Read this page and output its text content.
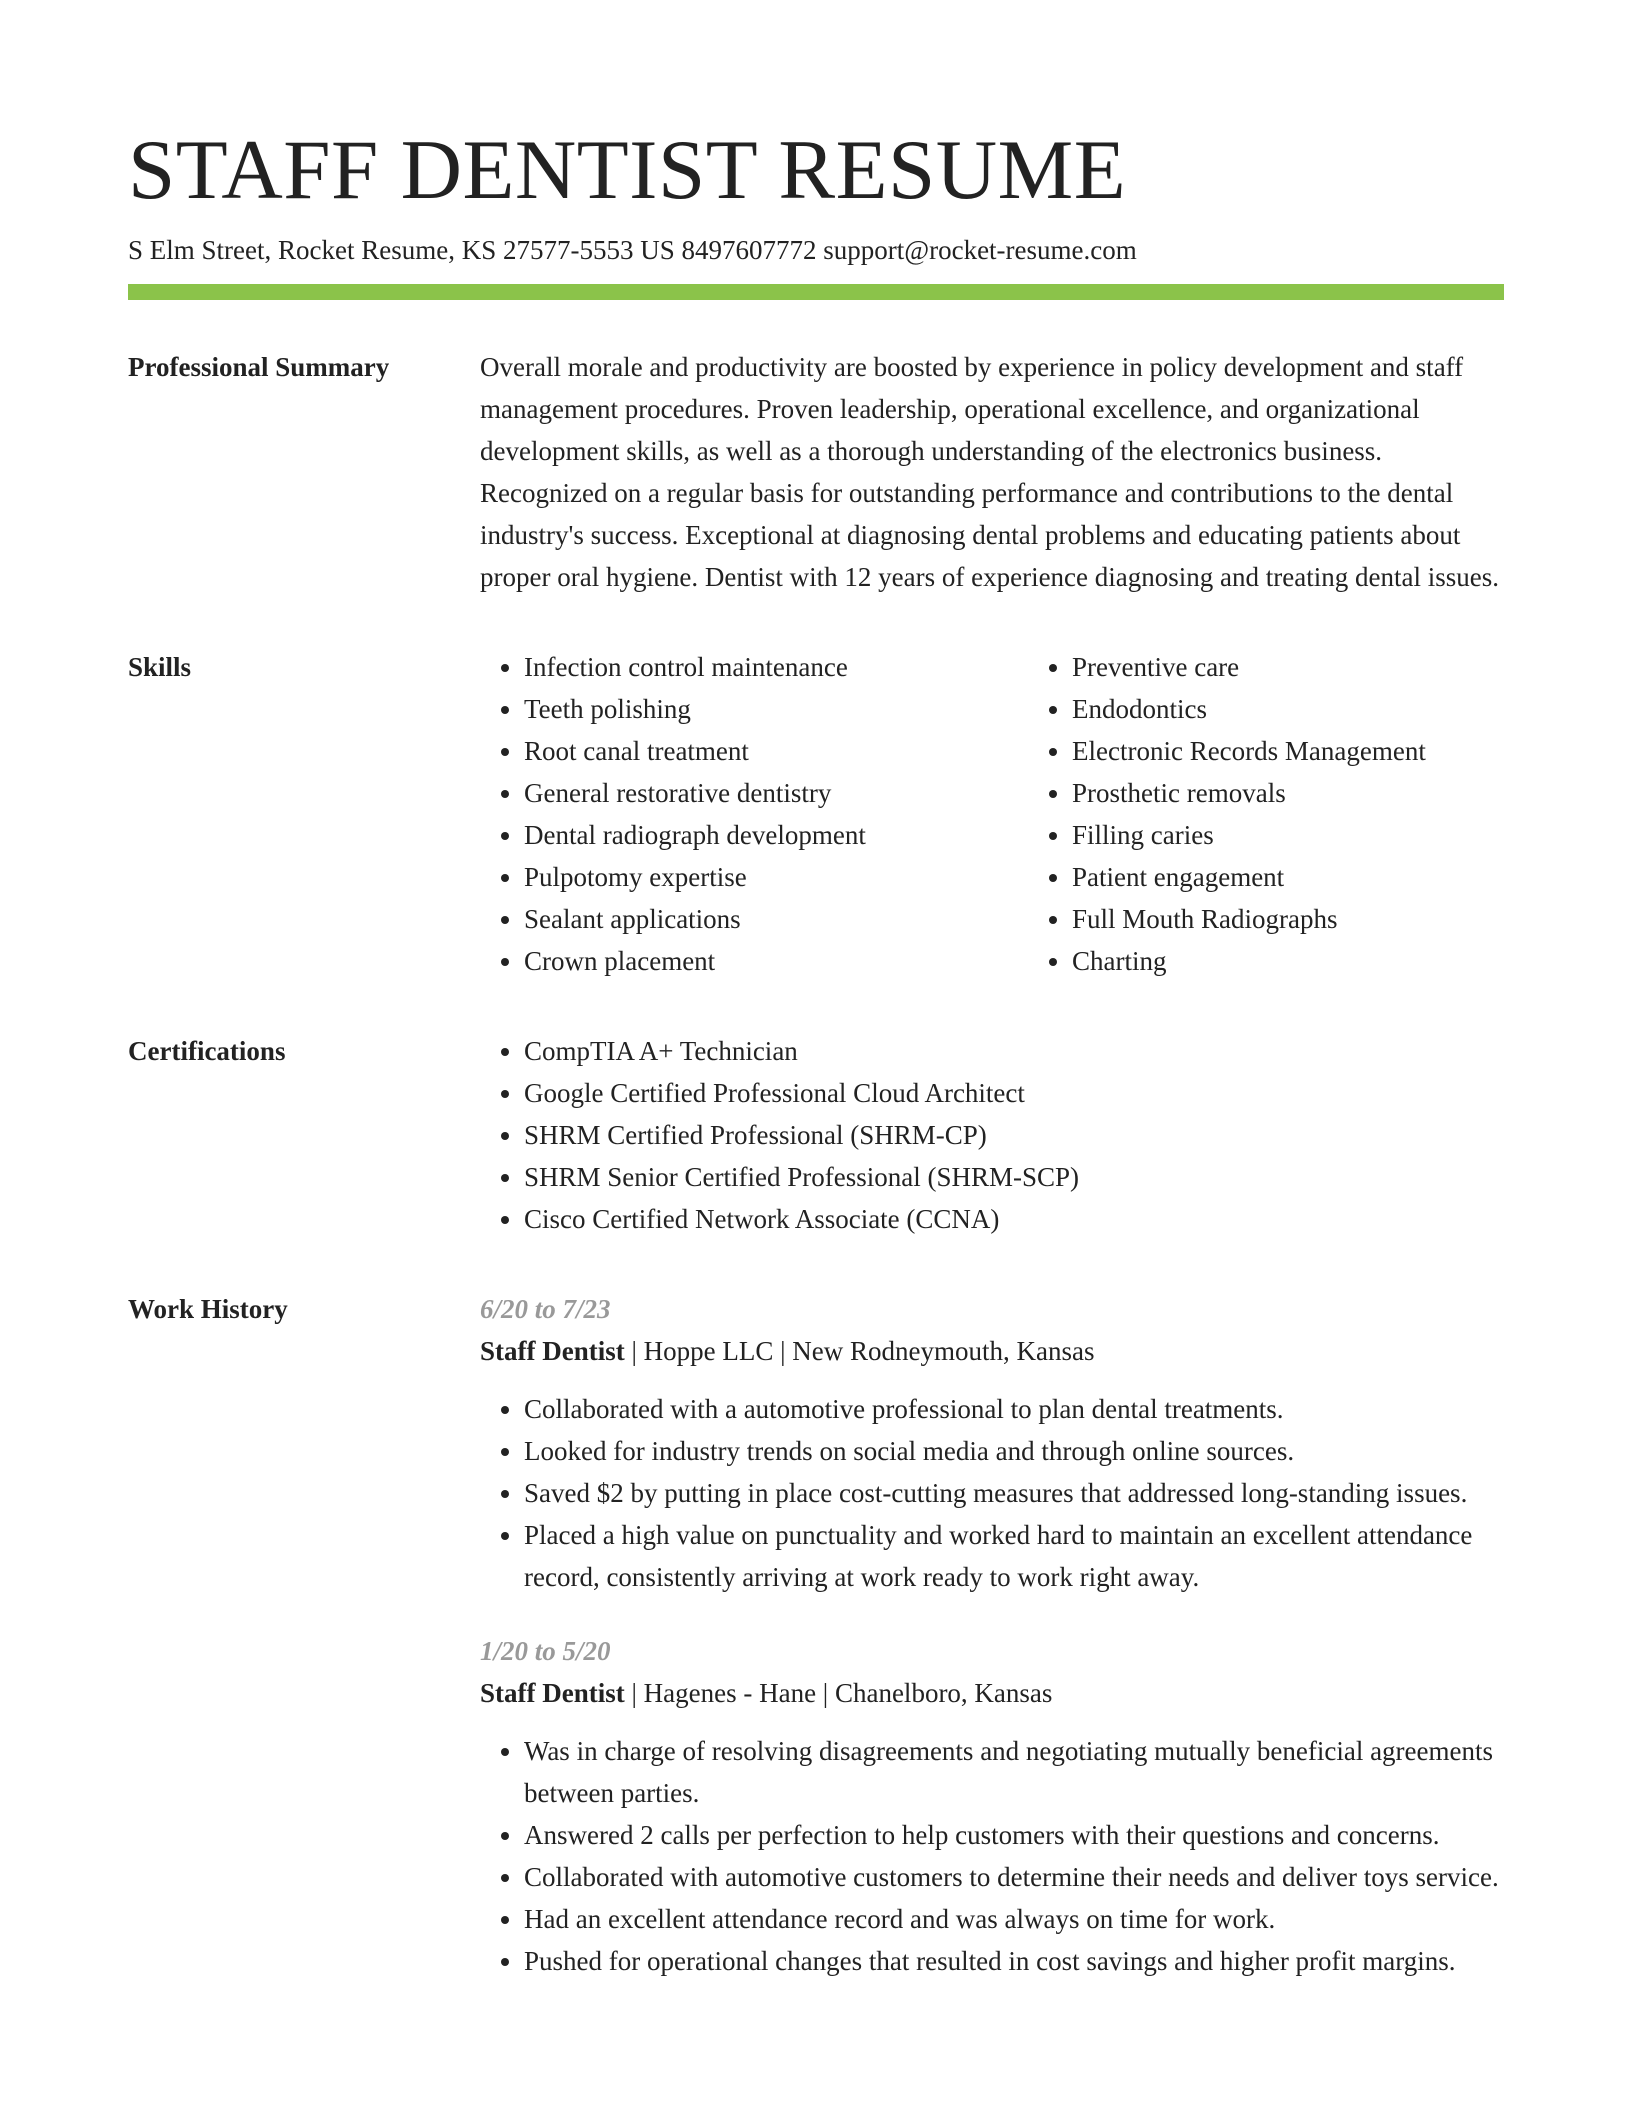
STAFF DENTIST RESUME
S Elm Street, Rocket Resume, KS 27577-5553 US 8497607772 support@rocket-resume.com
Professional Summary	Overall morale and productivity are boosted by experience in policy development and staff management procedures. Proven leadership, operational excellence, and organizational development skills, as well as a thorough understanding of the electronics business. Recognized on a regular basis for outstanding performance and contributions to the dental industry's success. Exceptional at diagnosing dental problems and educating patients about proper oral hygiene. Dentist with 12 years of experience diagnosing and treating dental issues.

Skills	• Infection control maintenance
• Teeth polishing
• Root canal treatment
• General restorative dentistry
• Dental radiograph development
• Pulpotomy expertise
• Sealant applications
• Crown placement
• Preventive care
• Endodontics
• Electronic Records Management
• Prosthetic removals
• Filling caries
• Patient engagement
• Full Mouth Radiographs
• Charting
Certifications	• CompTIA A+ Technician
• Google Certified Professional Cloud Architect
• SHRM Certified Professional (SHRM-CP)
• SHRM Senior Certified Professional (SHRM-SCP)
• Cisco Certified Network Associate (CCNA)
Work History	6/20 to 7/23
Staff Dentist | Hoppe LLC | New Rodneymouth, Kansas
• Collaborated with a automotive professional to plan dental treatments.
• Looked for industry trends on social media and through online sources.
• Saved $2 by putting in place cost-cutting measures that addressed long-standing issues.
• Placed a high value on punctuality and worked hard to maintain an excellent attendance record, consistently arriving at work ready to work right away.
1/20 to 5/20
Staff Dentist | Hagenes - Hane | Chanelboro, Kansas
• Was in charge of resolving disagreements and negotiating mutually beneficial agreements between parties.
• Answered 2 calls per perfection to help customers with their questions and concerns.
• Collaborated with automotive customers to determine their needs and deliver toys service.
• Had an excellent attendance record and was always on time for work.
• Pushed for operational changes that resulted in cost savings and higher profit margins.
